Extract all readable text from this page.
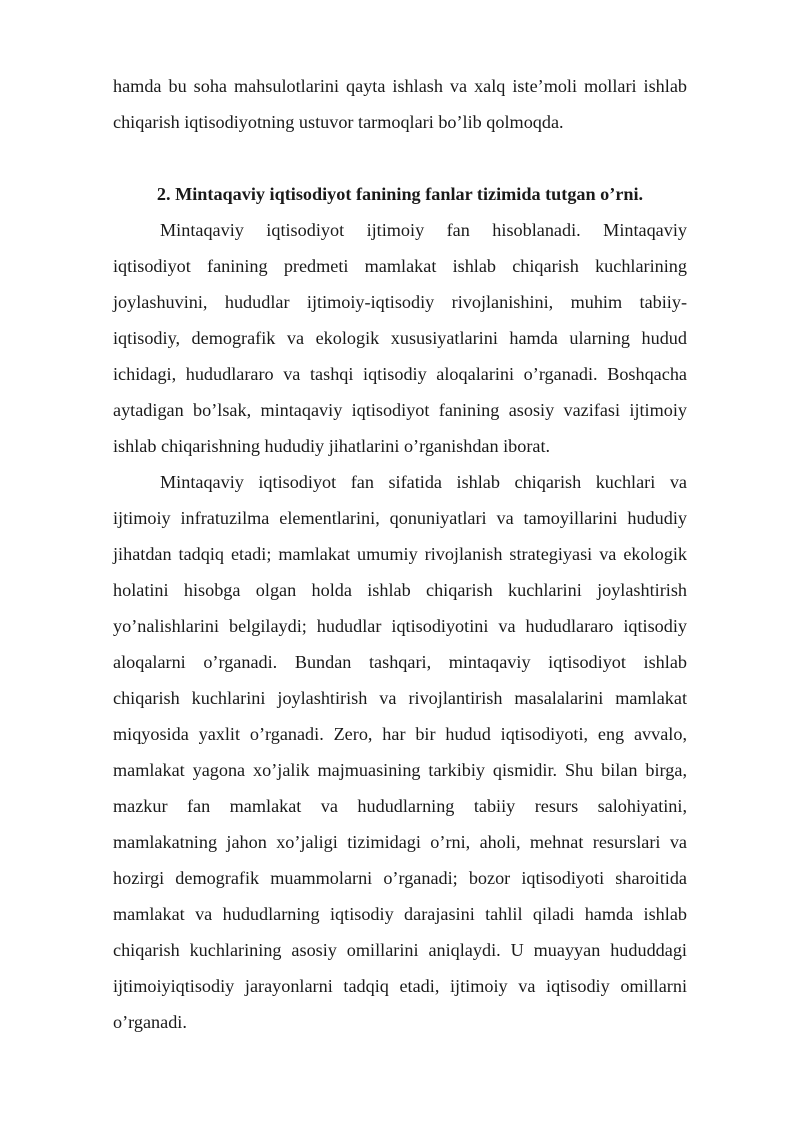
hamda bu soha mahsulotlarini qayta ishlash va xalq iste’moli mollari ishlab
chiqarish iqtisodiyotning ustuvor tarmoqlari bo’lib qolmoqda.
2. Mintaqaviy iqtisodiyot fanining fanlar tizimida tutgan o’rni.
Mintaqaviy iqtisodiyot ijtimoiy fan hisoblanadi. Mintaqaviy
iqtisodiyot fanining predmeti mamlakat ishlab chiqarish kuchlarining
joylashuvini, hududlar ijtimoiy-iqtisodiy rivojlanishini, muhim tabiiy-
iqtisodiy, demografik va ekologik xususiyatlarini hamda ularning hudud
ichidagi, hududlararo va tashqi iqtisodiy aloqalarini o’rganadi. Boshqacha
aytadigan bo’lsak, mintaqaviy iqtisodiyot fanining asosiy vazifasi ijtimoiy
ishlab chiqarishning hududiy jihatlarini o’rganishdan iborat.
Mintaqaviy iqtisodiyot fan sifatida ishlab chiqarish kuchlari va
ijtimoiy infratuzilma elementlarini, qonuniyatlari va tamoyillarini hududiy
jihatdan tadqiq etadi; mamlakat umumiy rivojlanish strategiyasi va ekologik
holatini hisobga olgan holda ishlab chiqarish kuchlarini joylashtirish
yo’nalishlarini belgilaydi; hududlar iqtisodiyotini va hududlararo iqtisodiy
aloqalarni o’rganadi. Bundan tashqari, mintaqaviy iqtisodiyot ishlab
chiqarish kuchlarini joylashtirish va rivojlantirish masalalarini mamlakat
miqyosida yaxlit o’rganadi. Zero, har bir hudud iqtisodiyoti, eng avvalo,
mamlakat yagona xo’jalik majmuasining tarkibiy qismidir. Shu bilan birga,
mazkur fan mamlakat va hududlarning tabiiy resurs salohiyatini,
mamlakatning jahon xo’jaligi tizimidagi o’rni, aholi, mehnat resurslari va
hozirgi demografik muammolarni o’rganadi; bozor iqtisodiyoti sharoitida
mamlakat va hududlarning iqtisodiy darajasini tahlil qiladi hamda ishlab
chiqarish kuchlarining asosiy omillarini aniqlaydi. U muayyan hududdagi
ijtimoiyiqtisodiy jarayonlarni tadqiq etadi, ijtimoiy va iqtisodiy omillarni
o’rganadi.
